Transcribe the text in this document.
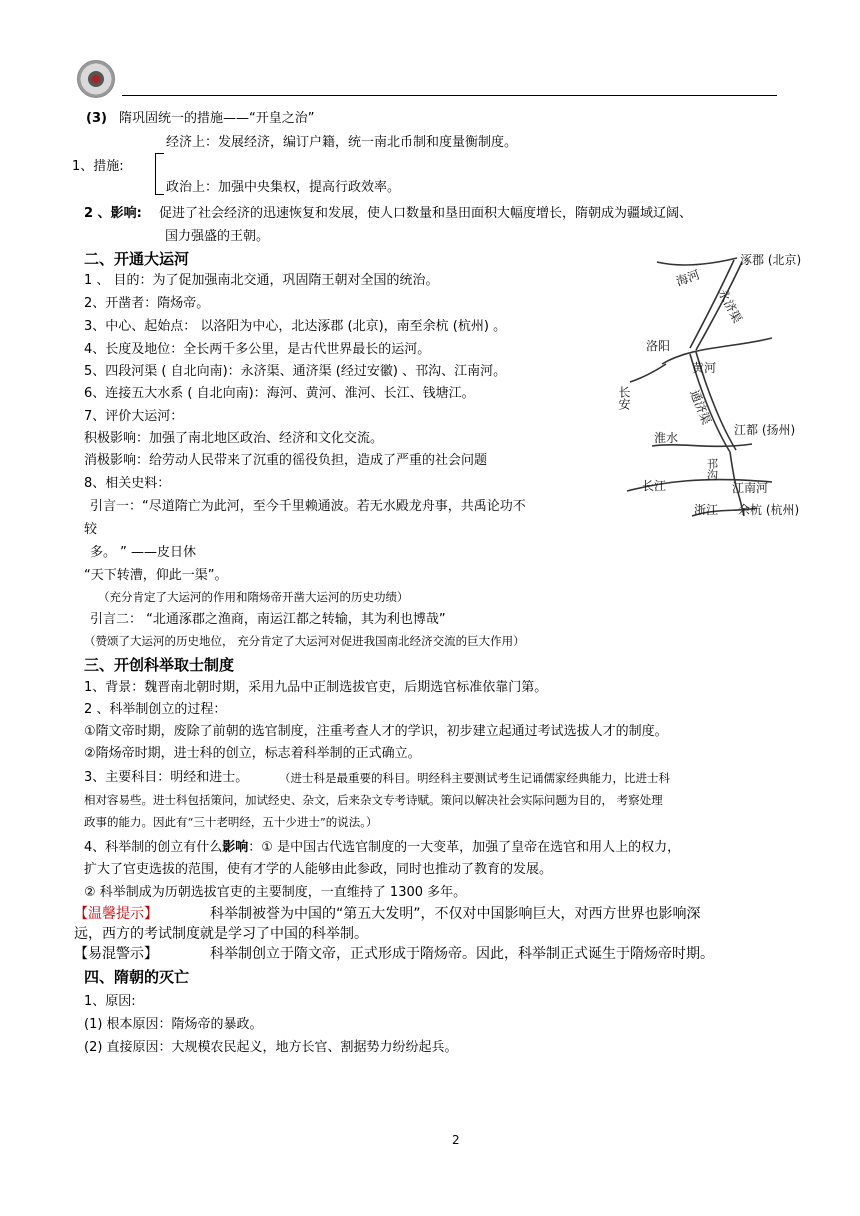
(3) 隋巩固统一的措施——“开皇之治”
经济上：发展经济，编订户籍，统一南北币制和度量衡制度。
1、措施:
政治上：加强中央集权，提高行政效率。
2 、影响: 促进了社会经济的迅速恢复和发展，使人口数量和垦田面积大幅度增长，隋朝成为疆域辽阔、
国力强盛的王朝。
二、开通大运河
1 、 目的：为了促加强南北交通，巩固隋王朝对全国的统治。
2、开凿者：隋炀帝。
3、中心、起始点： 以洛阳为中心，北达涿郡 (北京)，南至余杭 (杭州) 。
4、长度及地位：全长两千多公里，是古代世界最长的运河。
5、四段河渠 ( 自北向南)：永济渠、通济渠 (经过安徽) 、邗沟、江南河。
6、连接五大水系 ( 自北向南)：海河、黄河、淮河、长江、钱塘江。
7、评价大运河：
积极影响：加强了南北地区政治、经济和文化交流。
消极影响：给劳动人民带来了沉重的徭役负担，造成了严重的社会问题
8、相关史料：
引言一：“尽道隋亡为此河，至今千里赖通波。若无水殿龙舟事，共禹论功不
较
多。 ” ——皮日休
“天下转漕，仰此一渠”。
（充分肯定了大运河的作用和隋炀帝开凿大运河的历史功绩）
引言二： “北通涿郡之渔商，南运江都之转输，其为利也博哉”
（赞颂了大运河的历史地位， 充分肯定了大运河对促进我国南北经济交流的巨大作用）
涿郡 (北京)
海河
永济渠
洛阳
黄河
长安	通济渠
淮水
江都 (扬州)
邗沟
长江	江南河
浙江 余杭 (杭州)
三、开创科举取士制度
1、背景：魏晋南北朝时期，采用九品中正制选拔官吏，后期选官标准依靠门第。
2 、科举制创立的过程：
①隋文帝时期，废除了前朝的选官制度，注重考查人才的学识，初步建立起通过考试选拔人才的制度。
②隋炀帝时期，进士科的创立，标志着科举制的正式确立。
3、主要科目：明经和进士。	（进士科是最重要的科目。明经科主要测试考生记诵儒家经典能力，比进士科
相对容易些。进士科包括策问，加试经史、杂文，后来杂文专考诗赋。策问以解决社会实际问题为目的， 考察处理
政事的能力。因此有“三十老明经，五十少进士”的说法。）
4、科举制的创立有什么影响：① 是中国古代选官制度的一大变革，加强了皇帝在选官和用人上的权力，
扩大了官吏选拔的范围，使有才学的人能够由此参政，同时也推动了教育的发展。
② 科举制成为历朝选拔官吏的主要制度，一直维持了 1300 多年。
【温馨提示】	科举制被誉为中国的“第五大发明”，不仅对中国影响巨大，对西方世界也影响深
远，西方的考试制度就是学习了中国的科举制。
【易混警示】	科举制创立于隋文帝，正式形成于隋炀帝。因此，科举制正式诞生于隋炀帝时期。
四、隋朝的灭亡
1、原因:
(1) 根本原因：隋炀帝的暴政。
(2) 直接原因：大规模农民起义，地方长官、割据势力纷纷起兵。
2
